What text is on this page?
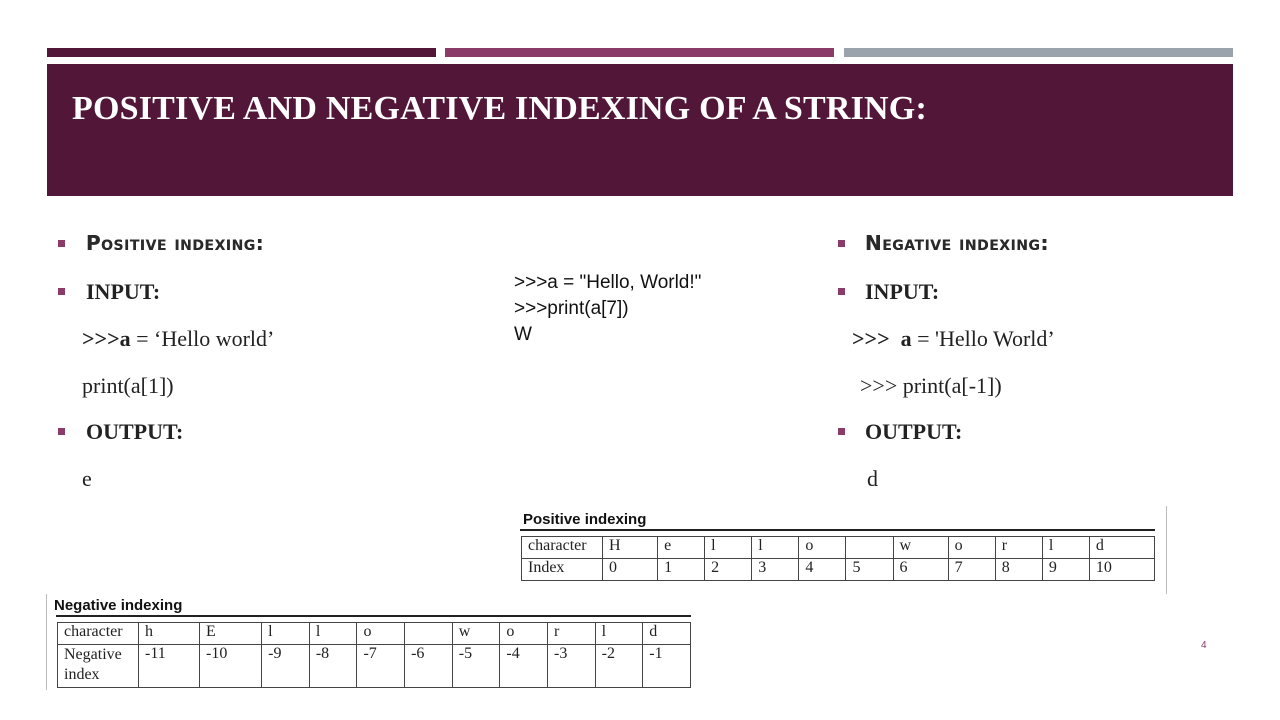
POSITIVE AND NEGATIVE INDEXING OF A STRING:
Positive indexing:
INPUT:
>>>a = ‘Hello world’
print(a[1])
OUTPUT:
e
>>>a = "Hello, World!"
>>>print(a[7])
W
Negative indexing:
INPUT:
>>> a = 'Hello World’
>>> print(a[-1])
OUTPUT:
d
Positive indexing
character	H	e	l	l	o		w	o	r	l	d
Index	0	1	2	3	4	5	6	7	8	9	10
Negative indexing
character	h	E	l	l	o		w	o	r	l	d
Negative index	-11	-10	-9	-8	-7	-6	-5	-4	-3	-2	-1	4
